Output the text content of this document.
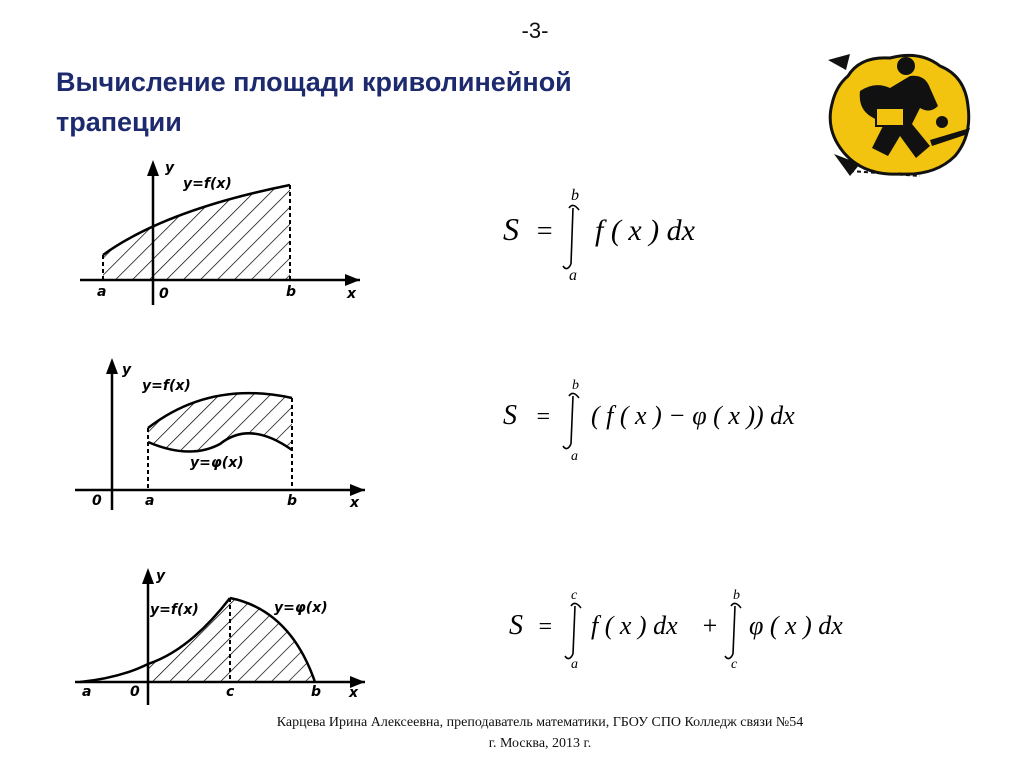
-3-
Вычисление площади криволинейной
трапеции
y
y=f(x)
a	0	b	x
y
y=f(x)
y=φ(x)
0	a	b	x
y
y=f(x)	y=φ(x)
a	0	c	b x
S =
b
a
f ( x ) dx
S =
b
a
( f ( x ) − φ ( x )) dx
S =
c
a
f ( x ) dx +
b
c
φ ( x ) dx
Карцева Ирина Алексеевна, преподаватель математики, ГБОУ СПО Колледж связи №54
г. Москва, 2013 г.
